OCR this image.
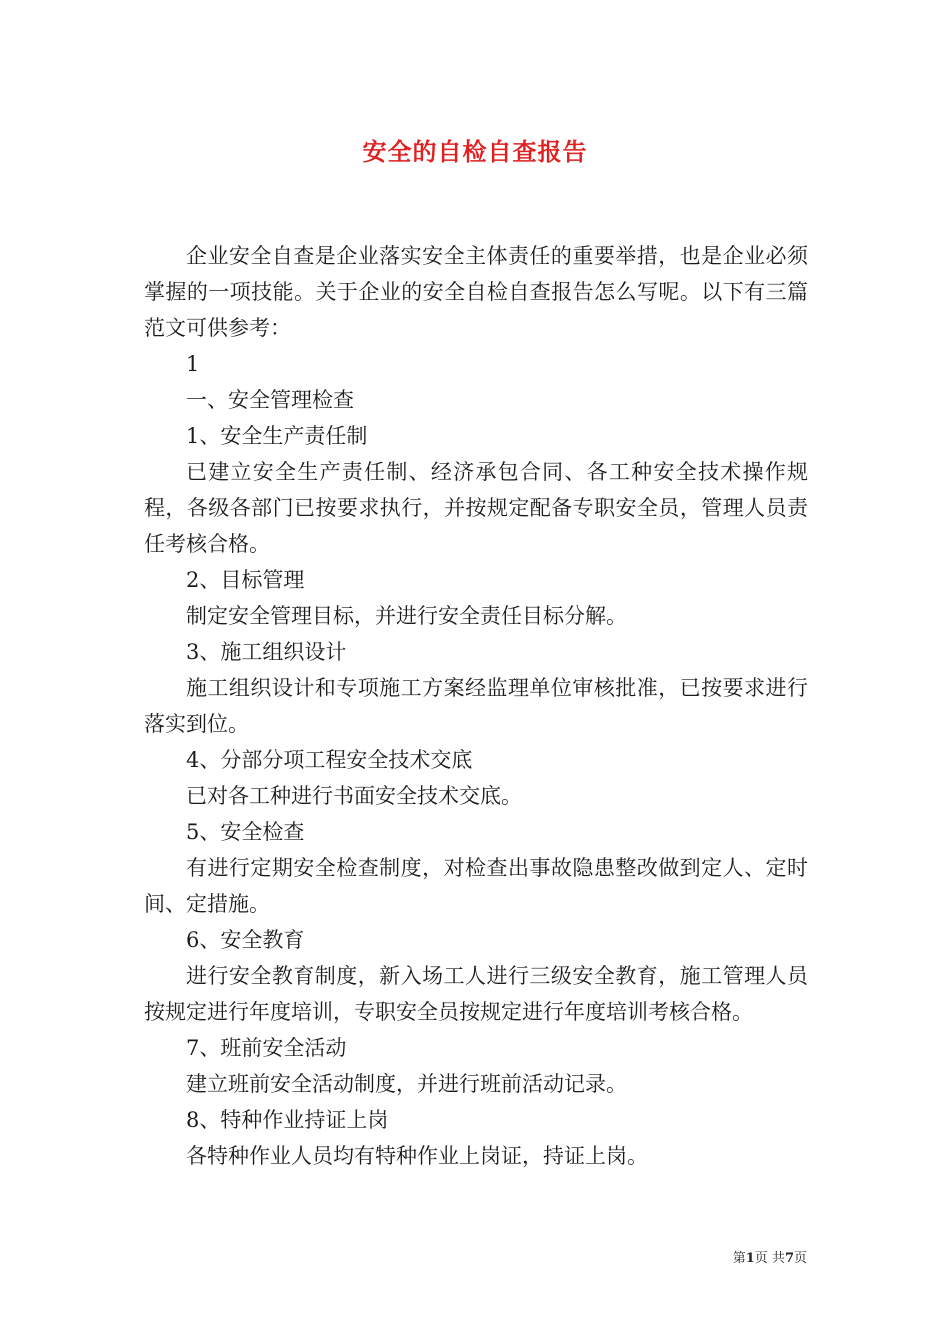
安全的自检自查报告

企业安全自查是企业落实安全主体责任的重要举措，也是企业必须掌握的一项技能。关于企业的安全自检自查报告怎么写呢。以下有三篇范文可供参考：

1

一、安全管理检查

1、安全生产责任制

已建立安全生产责任制、经济承包合同、各工种安全技术操作规程，各级各部门已按要求执行，并按规定配备专职安全员，管理人员责任考核合格。

2、目标管理

制定安全管理目标，并进行安全责任目标分解。

3、施工组织设计

施工组织设计和专项施工方案经监理单位审核批准，已按要求进行落实到位。

4、分部分项工程安全技术交底

已对各工种进行书面安全技术交底。

5、安全检查

有进行定期安全检查制度，对检查出事故隐患整改做到定人、定时间、定措施。

6、安全教育

进行安全教育制度，新入场工人进行三级安全教育，施工管理人员按规定进行年度培训，专职安全员按规定进行年度培训考核合格。

7、班前安全活动

建立班前安全活动制度，并进行班前活动记录。

8、特种作业持证上岗

各特种作业人员均有特种作业上岗证，持证上岗。

第1页 共7页
